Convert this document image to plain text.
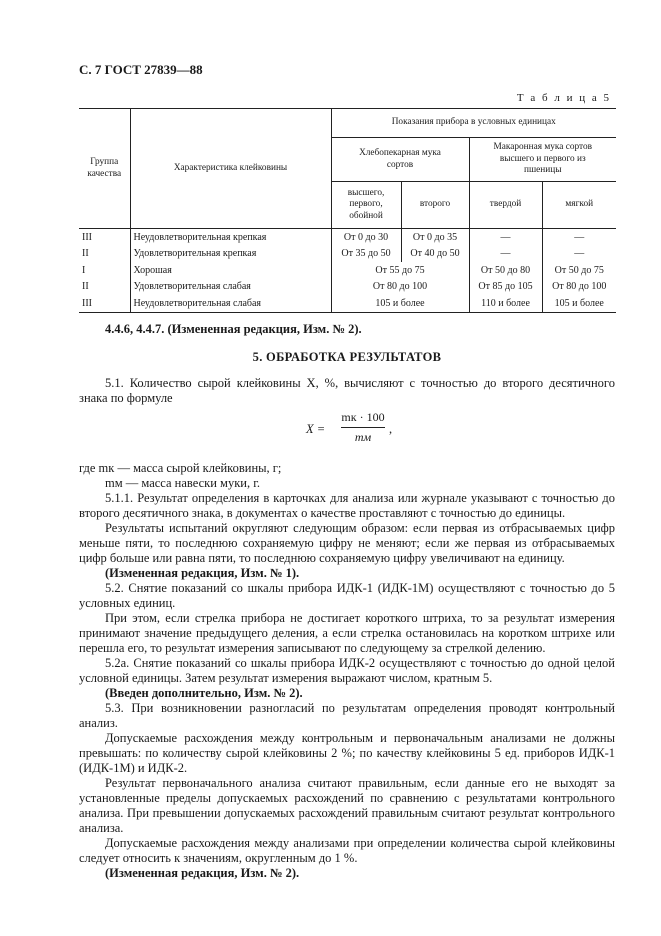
С. 7 ГОСТ 27839—88
Т а б л и ц а 5
Группа качества	Характеристика клейковины	Показания прибора в условных единицах			
		Хлебопекарная мука сортов		Макаронная мука сортов высшего и первого из пшеницы	
		высшего, первого, обойной	второго	твердой	мягкой
III	Неудовлетворительная крепкая	От 0 до 30	От 0 до 35	—	—
II	Удовлетворительная крепкая	От 35 до 50	От 40 до 50	—	—
I	Хорошая	От 55 до 75		От 50 до 80	От 50 до 75
II	Удовлетворительная слабая	От 80 до 100		От 85 до 105	От 80 до 100
III	Неудовлетворительная слабая	105 и более		110 и более	105 и более

4.4.6, 4.4.7. (Измененная редакция, Изм. № 2).

5. ОБРАБОТКА РЕЗУЛЬТАТОВ

5.1. Количество сырой клейковины X, %, вычисляют с точностью до второго десятичного знака по формуле

X =
mк · 100
mм
,

где mк — масса сырой клейковины, г;

mм — масса навески муки, г.

5.1.1. Результат определения в карточках для анализа или журнале указывают с точностью до второго десятичного знака, в документах о качестве проставляют с точностью до единицы.

Результаты испытаний округляют следующим образом: если первая из отбрасываемых цифр меньше пяти, то последнюю сохраняемую цифру не меняют; если же первая из отбрасываемых цифр больше или равна пяти, то последнюю сохраняемую цифру увеличивают на единицу.

(Измененная редакция, Изм. № 1).

5.2. Снятие показаний со шкалы прибора ИДК-1 (ИДК-1М) осуществляют с точностью до 5 условных единиц.

При этом, если стрелка прибора не достигает короткого штриха, то за результат измерения принимают значение предыдущего деления, а если стрелка остановилась на коротком штрихе или перешла его, то результат измерения записывают по следующему за стрелкой делению.

5.2а. Снятие показаний со шкалы прибора ИДК-2 осуществляют с точностью до одной целой условной единицы. Затем результат измерения выражают числом, кратным 5.

(Введен дополнительно, Изм. № 2).

5.3. При возникновении разногласий по результатам определения проводят контрольный анализ.

Допускаемые расхождения между контрольным и первоначальным анализами не должны превышать: по количеству сырой клейковины 2 %; по качеству клейковины 5 ед. приборов ИДК-1 (ИДК-1М) и ИДК-2.

Результат первоначального анализа считают правильным, если данные его не выходят за установленные пределы допускаемых расхождений по сравнению с результатами контрольного анализа. При превышении допускаемых расхождений правильным считают результат контрольного анализа.

Допускаемые расхождения между анализами при определении количества сырой клейковины следует относить к значениям, округленным до 1 %.

(Измененная редакция, Изм. № 2).
